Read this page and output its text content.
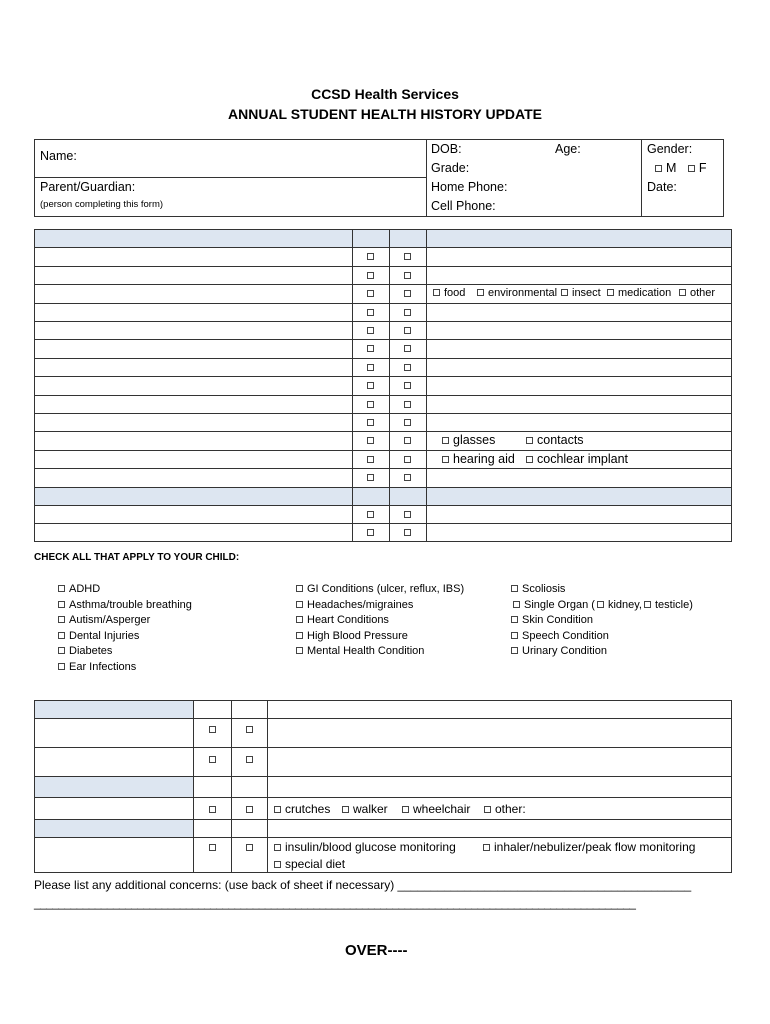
CCSD Health Services
ANNUAL STUDENT HEALTH HISTORY UPDATE
Name:	DOB:	Age:
Grade:
Gender:
M F
Parent/Guardian:
(person completing this form)
Home Phone:
Cell Phone:
Date:
CHECK ALL THAT APPLY TO YOUR CHILD:
Please list any additional concerns: (use back of sheet if necessary) ____________________________________________
___________________________________________________________________________________________________
OVER----
food	environmental	insect	medication	other
glasses	contacts
hearing aid	cochlear implant
ADHD
Asthma/trouble breathing
Autism/Asperger
Dental Injuries
Diabetes
Ear Infections
GI Conditions (ulcer, reflux, IBS)
Headaches/migraines
Heart Conditions
High Blood Pressure
Mental Health Condition
Scoliosis
Single Organ ( kidney, testicle)
Skin Condition
Speech Condition
Urinary Condition
crutches	walker	wheelchair	other:
insulin/blood glucose monitoring	inhaler/nebulizer/peak flow monitoring
special diet
